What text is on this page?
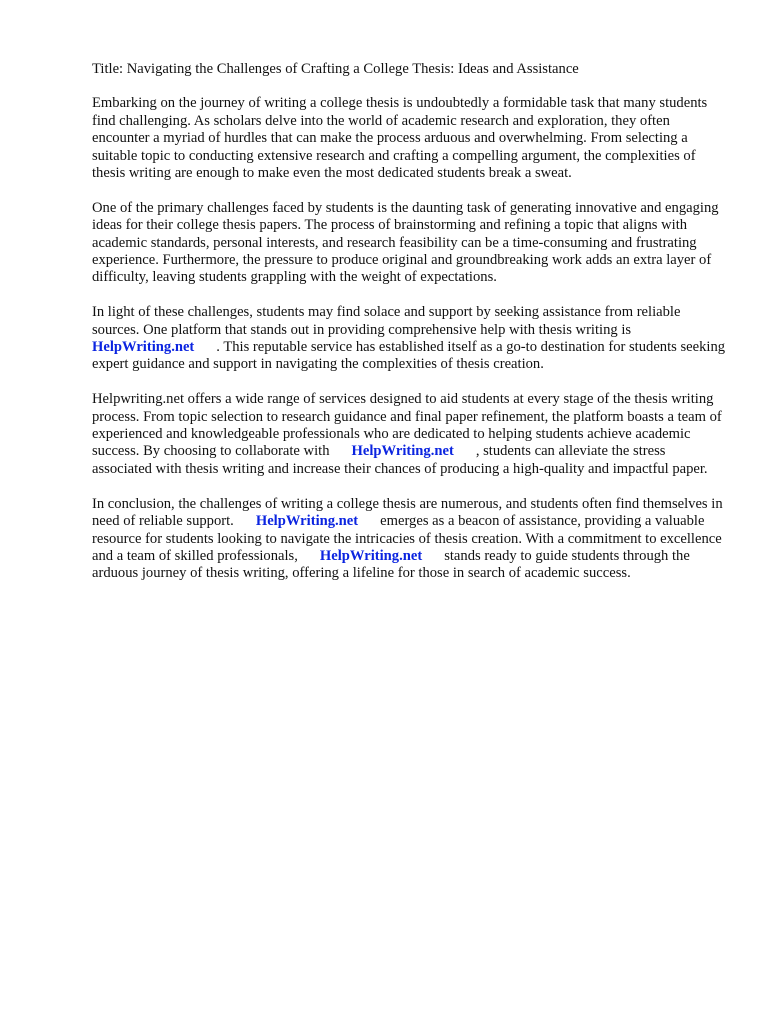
Title: Navigating the Challenges of Crafting a College Thesis: Ideas and Assistance

Embarking on the journey of writing a college thesis is undoubtedly a formidable task that many students find challenging. As scholars delve into the world of academic research and exploration, they often encounter a myriad of hurdles that can make the process arduous and overwhelming. From selecting a suitable topic to conducting extensive research and crafting a compelling argument, the complexities of thesis writing are enough to make even the most dedicated students break a sweat.

One of the primary challenges faced by students is the daunting task of generating innovative and engaging ideas for their college thesis papers. The process of brainstorming and refining a topic that aligns with academic standards, personal interests, and research feasibility can be a time-consuming and frustrating experience. Furthermore, the pressure to produce original and groundbreaking work adds an extra layer of difficulty, leaving students grappling with the weight of expectations.

In light of these challenges, students may find solace and support by seeking assistance from reliable sources. One platform that stands out in providing comprehensive help with thesis writing is
HelpWriting.net . This reputable service has established itself as a go-to destination for students seeking expert guidance and support in navigating the complexities of thesis creation.

Helpwriting.net offers a wide range of services designed to aid students at every stage of the thesis writing process. From topic selection to research guidance and final paper refinement, the platform boasts a team of experienced and knowledgeable professionals who are dedicated to helping students achieve academic success. By choosing to collaborate with HelpWriting.net , students can alleviate the stress associated with thesis writing and increase their chances of producing a high-quality and impactful paper.

In conclusion, the challenges of writing a college thesis are numerous, and students often find themselves in need of reliable support. HelpWriting.net emerges as a beacon of assistance, providing a valuable resource for students looking to navigate the intricacies of thesis creation. With a commitment to excellence and a team of skilled professionals, HelpWriting.net stands ready to guide students through the arduous journey of thesis writing, offering a lifeline for those in search of academic success.
